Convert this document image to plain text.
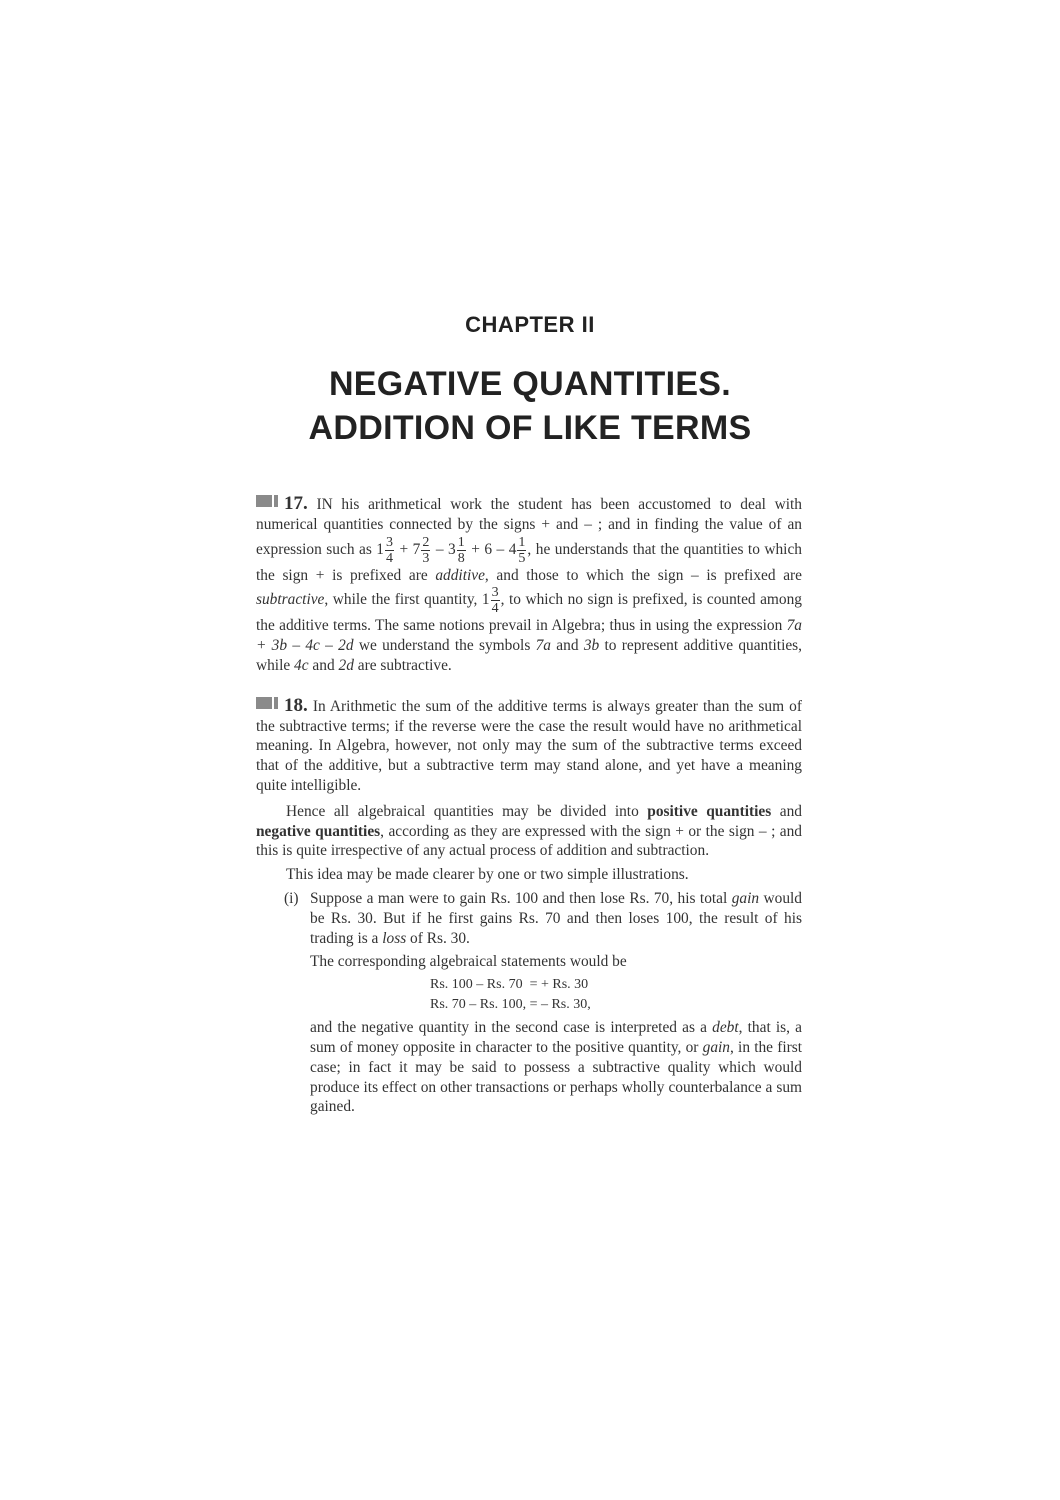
CHAPTER II
NEGATIVE QUANTITIES.
ADDITION OF LIKE TERMS

17. IN his arithmetical work the student has been accustomed to deal with numerical quantities connected by the signs + and – ; and in finding the value of an expression such as $1 \frac{3}{4} + 7 \frac{2}{3} - 3 \frac{1}{8} + 6 - 4 \frac{1}{5}$ , he understands that the quantities to which the sign + is prefixed are additive, and those to which the sign – is prefixed are subtractive, while the first quantity, $1 \frac{3}{4}$ , to which no sign is prefixed, is counted among the additive terms. The same notions prevail in Algebra; thus in using the expression 7a + 3b – 4c – 2d we understand the symbols 7a and 3b to represent additive quantities, while 4c and 2d are subtractive.

18. In Arithmetic the sum of the additive terms is always greater than the sum of the subtractive terms; if the reverse were the case the result would have no arithmetical meaning. In Algebra, however, not only may the sum of the subtractive terms exceed that of the additive, but a subtractive term may stand alone, and yet have a meaning quite intelligible.

Hence all algebraical quantities may be divided into positive quantities and negative quantities, according as they are expressed with the sign + or the sign – ; and this is quite irrespective of any actual process of addition and subtraction.

This idea may be made clearer by one or two simple illustrations.

(i) Suppose a man were to gain Rs. 100 and then lose Rs. 70, his total gain would be Rs. 30. But if he first gains Rs. 70 and then loses 100, the result of his trading is a loss of Rs. 30.

The corresponding algebraical statements would be

Rs. 100 – Rs. 70  = + Rs. 30
Rs. 70 – Rs. 100, = – Rs. 30,

and the negative quantity in the second case is interpreted as a debt, that is, a sum of money opposite in character to the positive quantity, or gain, in the first case; in fact it may be said to possess a subtractive quality which would produce its effect on other transactions or perhaps wholly counterbalance a sum gained.
